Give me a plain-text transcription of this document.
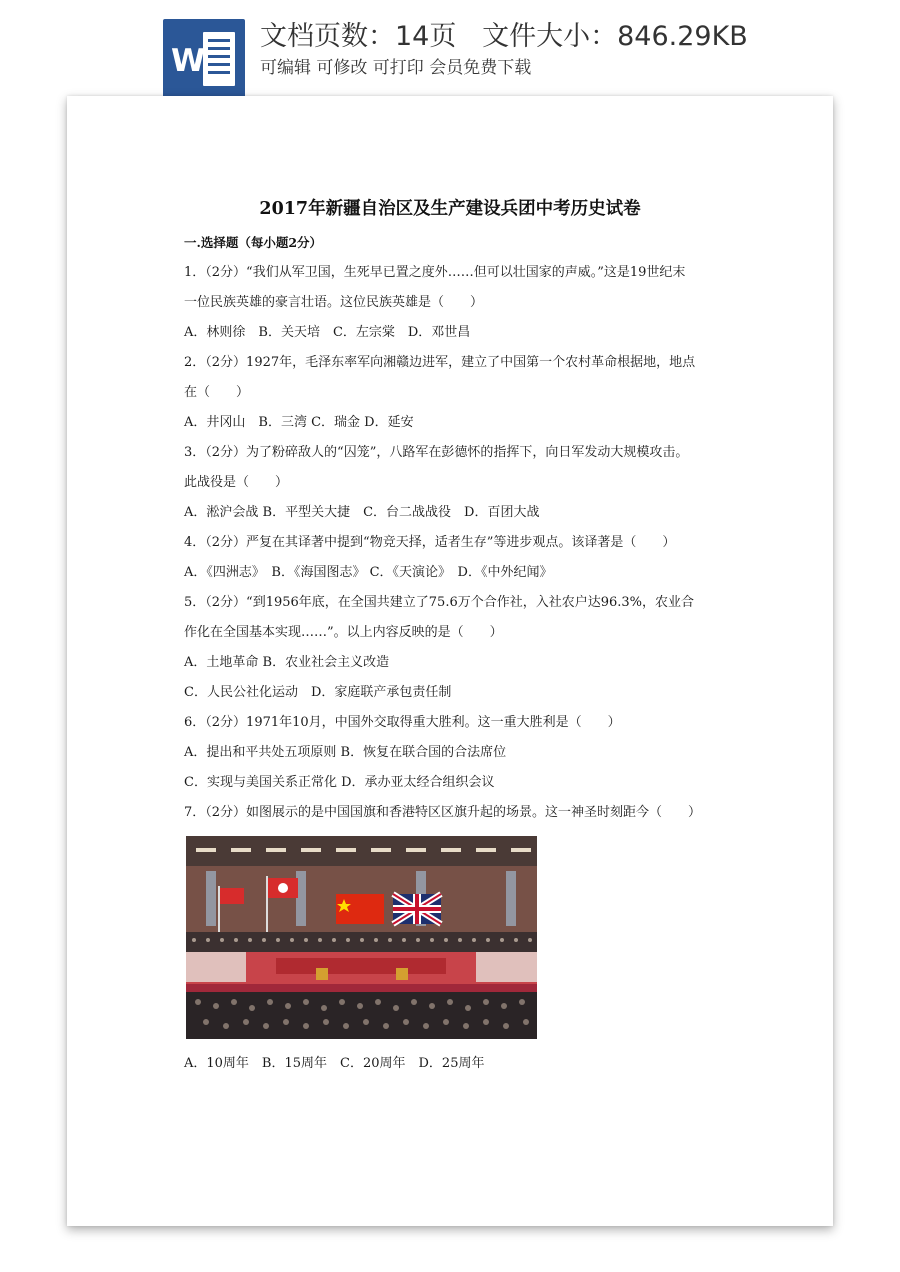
W
文档页数：14页   文件大小：846.29KB
可编辑 可修改 可打印 会员免费下载
2017年新疆自治区及生产建设兵团中考历史试卷
一.选择题（每小题2分）
1．（2分）“我们从军卫国，生死早已置之度外……但可以壮国家的声威。”这是19世纪末
一位民族英雄的豪言壮语。这位民族英雄是（　　）
A．林则徐　B．关天培　C．左宗棠　D．邓世昌
2．（2分）1927年，毛泽东率军向湘赣边进军，建立了中国第一个农村革命根据地，地点
在（　　）
A．井冈山　B．三湾 C．瑞金 D．延安
3．（2分）为了粉碎敌人的“囚笼”，八路军在彭德怀的指挥下，向日军发动大规模攻击。
此战役是（　　）
A．淞沪会战 B．平型关大捷　C．台二战战役　D．百团大战
4．（2分）严复在其译著中提到“物竞天择，适者生存”等进步观点。该译著是（　　）
A．《四洲志》　B．《海国图志》 C．《天演论》　D．《中外纪闻》
5．（2分）“到1956年底，在全国共建立了75.6万个合作社，入社农户达96.3%，农业合
作化在全国基本实现……”。以上内容反映的是（　　）
A．土地革命 B．农业社会主义改造
C．人民公社化运动　D．家庭联产承包责任制
6．（2分）1971年10月，中国外交取得重大胜利。这一重大胜利是（　　）
A．提出和平共处五项原则 B．恢复在联合国的合法席位
C．实现与美国关系正常化 D．承办亚太经合组织会议
7．（2分）如图展示的是中国国旗和香港特区区旗升起的场景。这一神圣时刻距今（　　）
A．10周年　B．15周年　C．20周年　D．25周年
